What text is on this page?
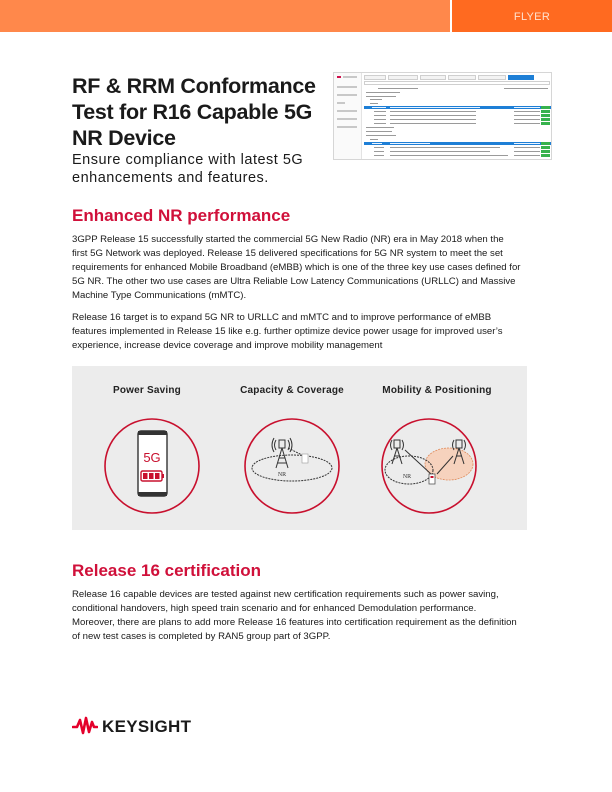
FLYER
RF & RRM Conformance
Test for R16 Capable 5G
NR Device
Ensure compliance with latest 5G
enhancements and features.
Enhanced NR performance
3GPP Release 15 successfully started the commercial 5G New Radio (NR) era in May 2018 when the
first 5G Network was deployed. Release 15 delivered specifications for 5G NR system to meet the set
requirements for enhanced Mobile Broadband (eMBB) which is one of the three key use cases defined for
5G NR. The other two use cases are Ultra Reliable Low Latency Communications (URLLC) and Massive
Machine Type Communications (mMTC).
Release 16 target is to expand 5G NR to URLLC and mMTC and to improve performance of eMBB
features implemented in Release 15 like e.g. further optimize device power usage for improved user’s
experience, increase device coverage and improve mobility management
Power Saving	Capacity & Coverage	Mobility & Positioning
5G
NR	NR
Release 16 certification
Release 16 capable devices are tested against new certification requirements such as power saving,
conditional handovers, high speed train scenario and for enhanced Demodulation performance.
Moreover, there are plans to add more Release 16 features into certification requirement as the definition
of new test cases is completed by RAN5 group part of 3GPP.
KEYSIGHT
